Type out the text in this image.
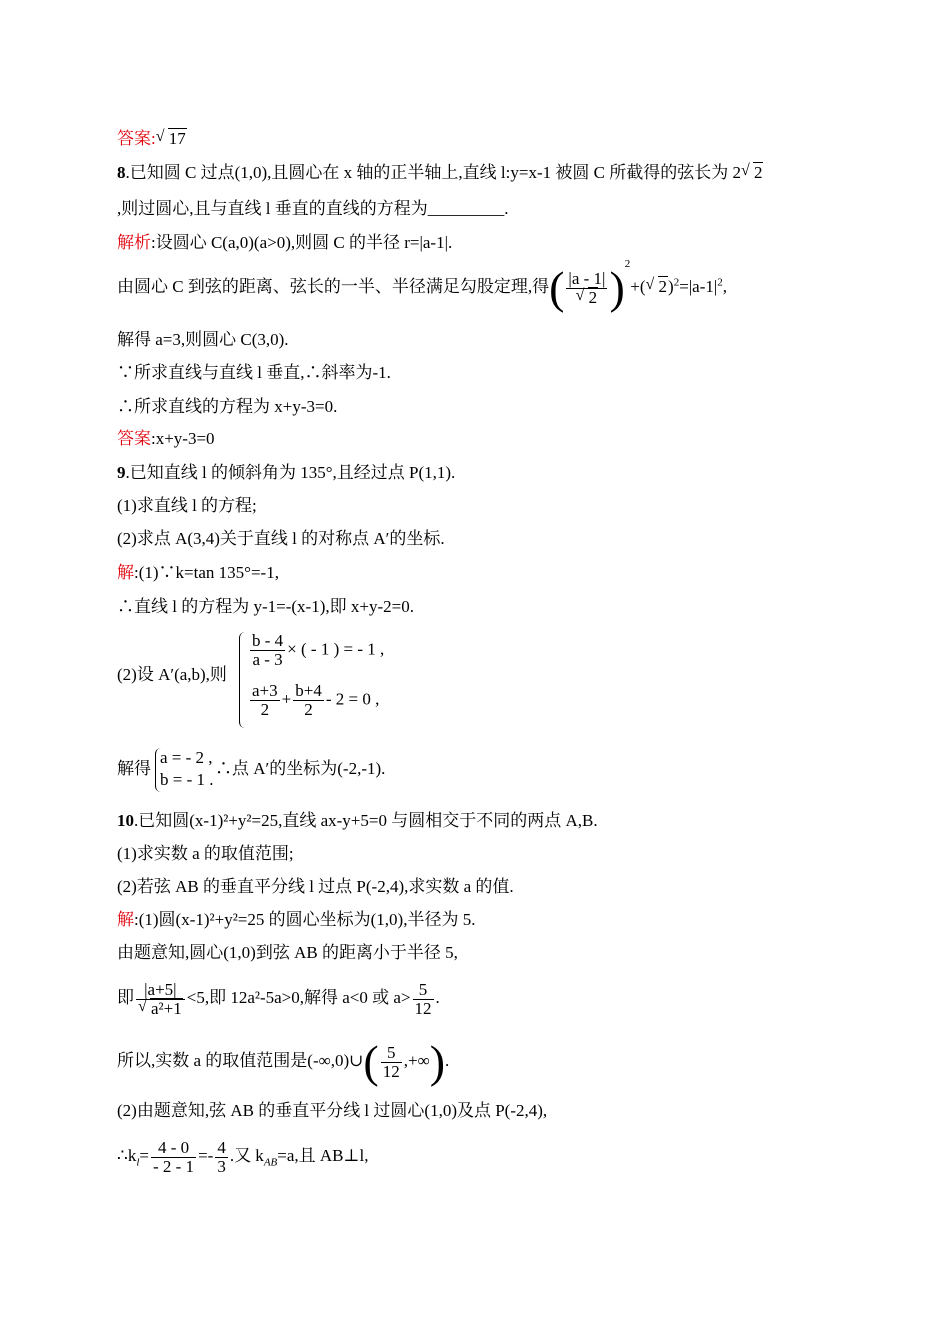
答案: √ 17
8.已知圆 C 过点(1,0),且圆心在 x 轴的正半轴上,直线 l:y=x-1 被圆 C 所截得的弦长为 2 √ 2
,则过圆心,且与直线 l 垂直的直线的方程为_________.
解析:设圆心 C(a,0)(a>0),则圆 C 的半径 r=|a-1|.
由圆心 C 到弦的距离、弦长的一半、半径满足勾股定理,得( $\frac{|a - 1|}{√ 2} )^2+$( √ $2)^2=|a-1|^2$,
解得 a=3,则圆心 C(3,0).
∵所求直线与直线 l 垂直,∴斜率为-1.
∴所求直线的方程为 x+y-3=0.
答案:x+y-3=0
9.已知直线 l 的倾斜角为 135°,且经过点 P(1,1).
(1)求直线 l 的方程;
(2)求点 A(3,4)关于直线 l 的对称点 A′的坐标.
解:(1)∵k=tan 135°=-1,
∴直线 l 的方程为 y-1=-(x-1),即 x+y-2=0.
(2)设 A′(a,b),则
$\frac{b - 4}{a - 3}$ × ( - 1 ) = - 1 ,
$\frac{a+3}{2} + \frac{b+4}{2} - 2 = 0$ ,
解得
a = - 2 ,
b = - 1 .
∴点 A′的坐标为(-2,-1).
10.已知圆(x-1)²+y²=25,直线 ax-y+5=0 与圆相交于不同的两点 A,B.
(1)求实数 a 的取值范围;
(2)若弦 AB 的垂直平分线 l 过点 P(-2,4),求实数 a 的值.
解:(1)圆(x-1)²+y²=25 的圆心坐标为(1,0),半径为 5.
由题意知,圆心(1,0)到弦 AB 的距离小于半径 5,
即 $\frac{|a+5|}{\text{√ a²+1}} <5$,即 12a²-5a>0,解得 a<0 或 $a> \frac{5}{12}$ .
所以,实数 a 的取值范围是(-∞,0)∪( $\frac{5}{12}$ ,+∞).
(2)由题意知,弦 AB 的垂直平分线 l 过圆心(1,0)及点 P(-2,4),
$\therefore k_l= \frac{4 - 0}{- 2 - 1} =- \frac{4}{3}$ .又 $k_{AB}=a$,且 AB⊥l,
